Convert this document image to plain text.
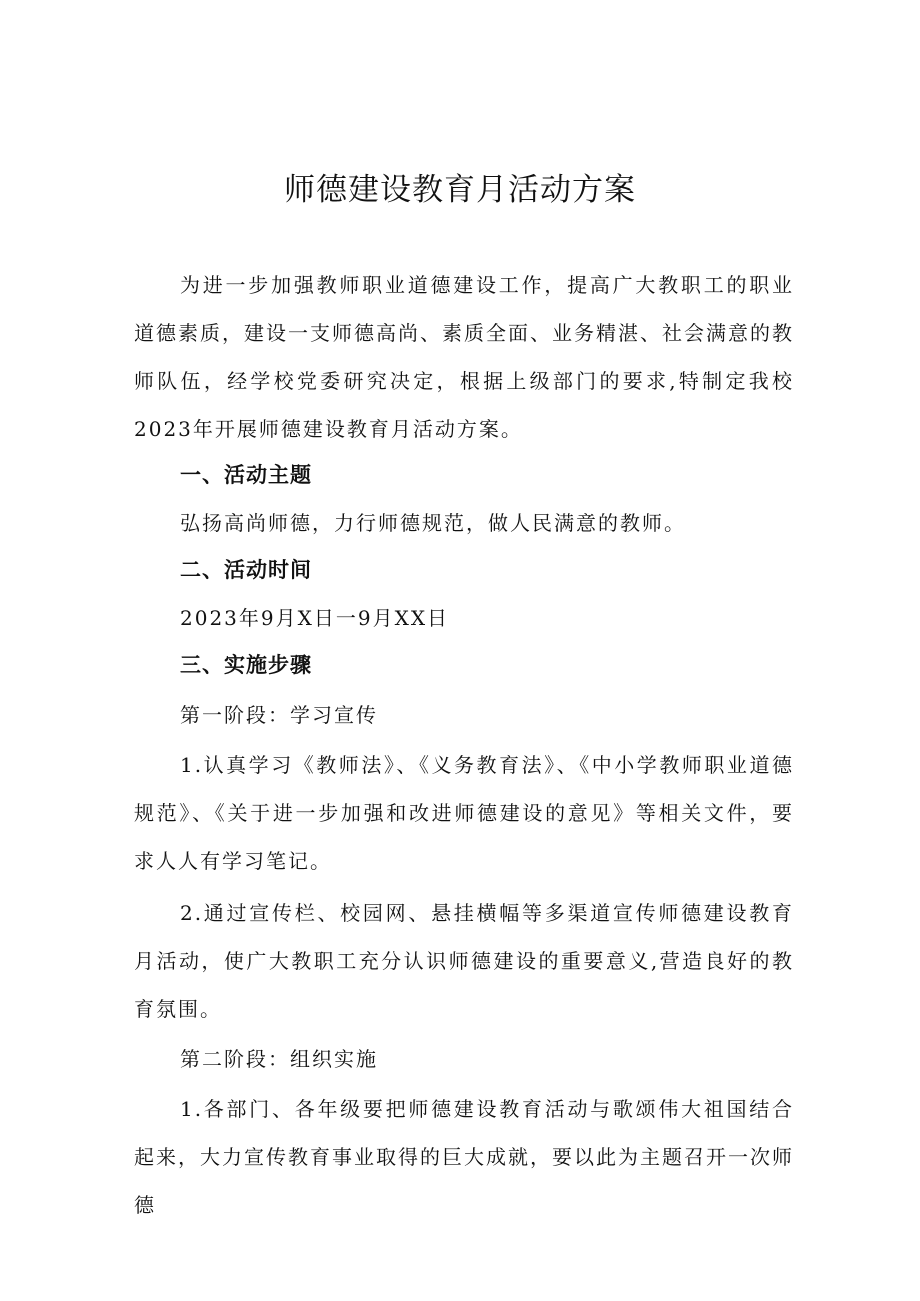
师德建设教育月活动方案

为进一步加强教师职业道德建设工作，提高广大教职工的职业道德素质，建设一支师德高尚、素质全面、业务精湛、社会满意的教师队伍，经学校党委研究决定，根据上级部门的要求,特制定我校2023年开展师德建设教育月活动方案。

一、活动主题

弘扬高尚师德，力行师德规范，做人民满意的教师。

二、活动时间

2023年9月X日一9月XX日

三、实施步骤

第一阶段：学习宣传

1.认真学习《教师法》、《义务教育法》、《中小学教师职业道德规范》、《关于进一步加强和改进师德建设的意见》等相关文件，要求人人有学习笔记。

2.通过宣传栏、校园网、悬挂横幅等多渠道宣传师德建设教育月活动，使广大教职工充分认识师德建设的重要意义,营造良好的教育氛围。

第二阶段：组织实施

1.各部门、各年级要把师德建设教育活动与歌颂伟大祖国结合起来，大力宣传教育事业取得的巨大成就，要以此为主题召开一次师德
